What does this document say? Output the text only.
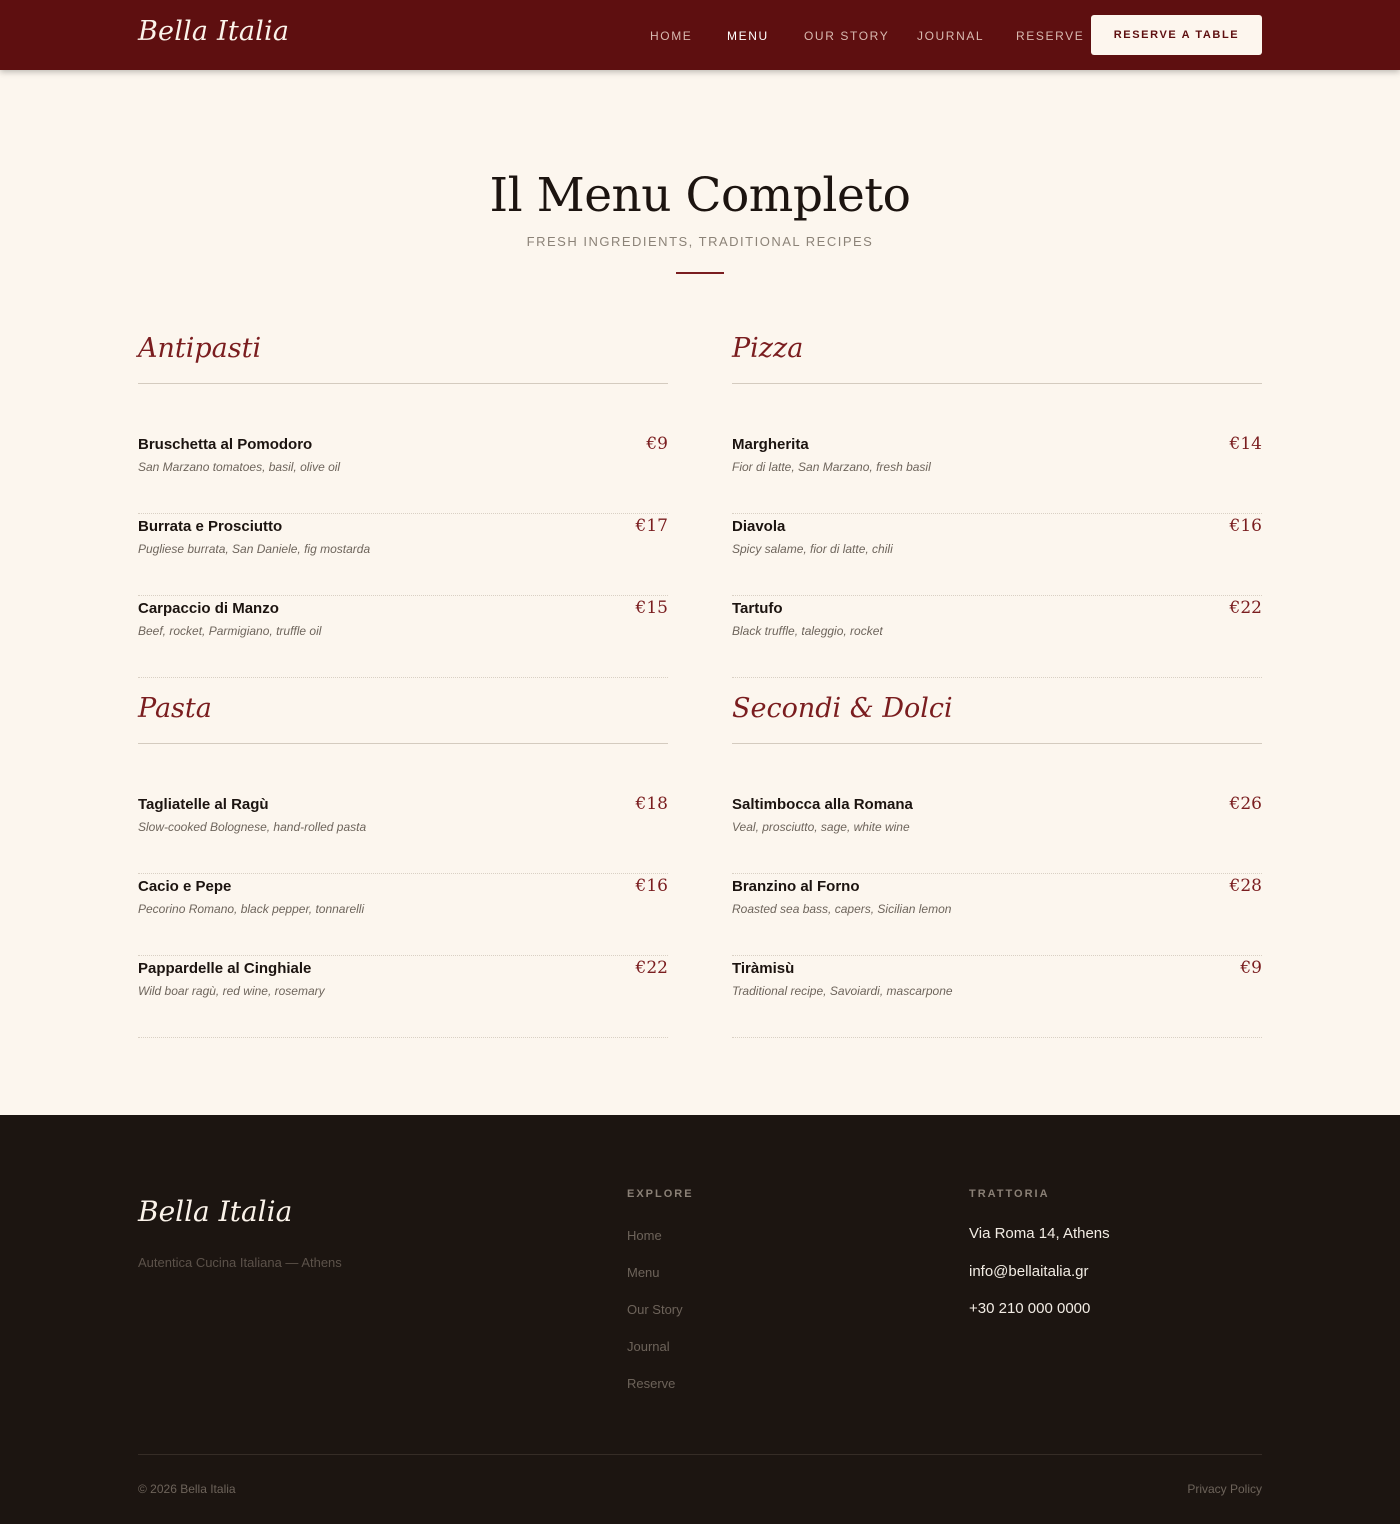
Bella Italia	HOME	MENU	OUR STORY JOURNAL	RESERVE	RESERVE A TABLE
Il Menu Completo
FRESH INGREDIENTS, TRADITIONAL RECIPES
Antipasti
Bruschetta al Pomodoro
San Marzano tomatoes, basil, olive oil
€9
Burrata e Prosciutto
Pugliese burrata, San Daniele, fig mostarda
€17
Carpaccio di Manzo
Beef, rocket, Parmigiano, truffle oil
€15
Pizza
Margherita
Fior di latte, San Marzano, fresh basil
€14
Diavola
Spicy salame, fior di latte, chili
€16
Tartufo
Black truffle, taleggio, rocket
€22
Pasta
Tagliatelle al Ragù
Slow-cooked Bolognese, hand-rolled pasta
€18
Cacio e Pepe
Pecorino Romano, black pepper, tonnarelli
€16
Pappardelle al Cinghiale
Wild boar ragù, red wine, rosemary
€22
Secondi & Dolci
Saltimbocca alla Romana
Veal, prosciutto, sage, white wine
€26
Branzino al Forno
Roasted sea bass, capers, Sicilian lemon
€28
Tiràmisù
Traditional recipe, Savoiardi, mascarpone
€9
Bella Italia
Autentica Cucina Italiana — Athens
EXPLORE
Home
Menu
Our Story
Journal
Reserve
TRATTORIA
Via Roma 14, Athens
info@bellaitalia.gr
+30 210 000 0000
© 2026 Bella Italia	Privacy Policy
